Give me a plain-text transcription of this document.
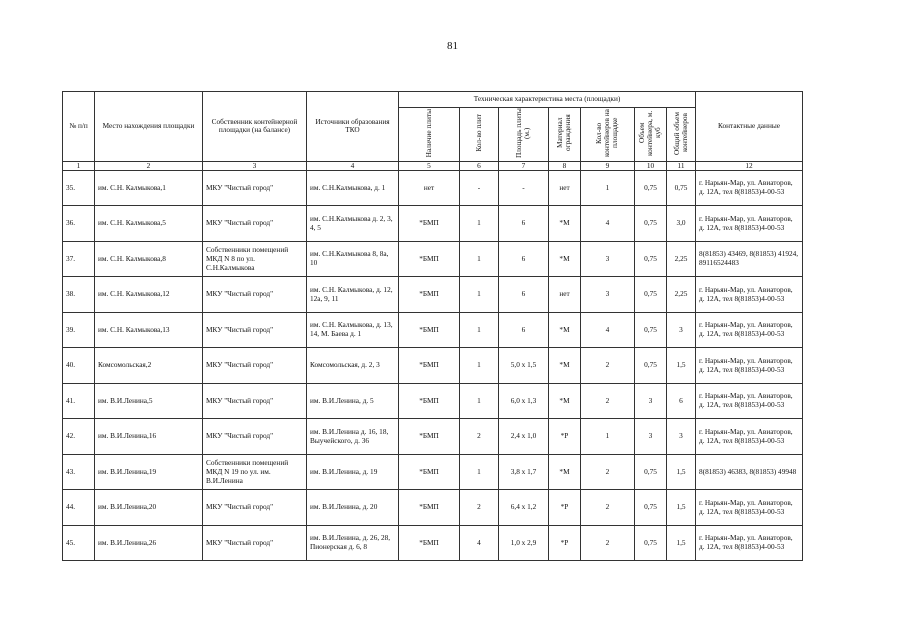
81
№ п/п	Место нахождения площадки	Собственник контейнерной площадки (на балансе)	Источники образования ТКО	Техническая характеристика места (площадки)							Контактные данные
				Наличие плиты	Кол-во плит	Площадь плиты (м.)	Материал ограждения	Кол-во контейнеров на площадке	Объем контейнера, м. куб	Общий объем контейнеров	
1	2	3	4	5	6	7	8	9	10	11	12
35.	им. С.Н. Калмыкова,1	МКУ "Чистый город"	им. С.Н.Калмыкова, д. 1	нет	-	-	нет	1	0,75	0,75	г. Нарьян-Мар, ул. Авиаторов, д. 12А, тел 8(81853)4-00-53
36.	им. С.Н. Калмыкова,5	МКУ "Чистый город"	им. С.Н.Калмыкова д. 2, 3, 4, 5	*БМП	1	6	*М	4	0,75	3,0	г. Нарьян-Мар, ул. Авиаторов, д. 12А, тел 8(81853)4-00-53
37.	им. С.Н. Калмыкова,8	Собственники помещений МКД N 8 по ул. С.Н.Калмыкова	им. С.Н.Калмыкова 8, 8а, 10	*БМП	1	6	*М	3	0,75	2,25	8(81853) 43469, 8(81853) 41924, 89116524483
38.	им. С.Н. Калмыкова,12	МКУ "Чистый город"	им. С.Н. Калмыкова, д. 12, 12а, 9, 11	*БМП	1	6	нет	3	0,75	2,25	г. Нарьян-Мар, ул. Авиаторов, д. 12А, тел 8(81853)4-00-53
39.	им. С.Н. Калмыкова,13	МКУ "Чистый город"	им. С.Н. Калмыкова, д. 13, 14, М. Баева д. 1	*БМП	1	6	*М	4	0,75	3	г. Нарьян-Мар, ул. Авиаторов, д. 12А, тел 8(81853)4-00-53
40.	Комсомольская,2	МКУ "Чистый город"	Комсомольская, д. 2, 3	*БМП	1	5,0 х 1,5	*М	2	0,75	1,5	г. Нарьян-Мар, ул. Авиаторов, д. 12А, тел 8(81853)4-00-53
41.	им. В.И.Ленина,5	МКУ "Чистый город"	им. В.И.Ленина, д. 5	*БМП	1	6,0 х 1,3	*М	2	3	6	г. Нарьян-Мар, ул. Авиаторов, д. 12А, тел 8(81853)4-00-53
42.	им. В.И.Ленина,16	МКУ "Чистый город"	им. В.И.Ленина д. 16, 18, Выучейского, д. 36	*БМП	2	2,4 х 1,0	*Р	1	3	3	г. Нарьян-Мар, ул. Авиаторов, д. 12А, тел 8(81853)4-00-53
43.	им. В.И.Ленина,19	Собственники помещений МКД N 19 по ул. им. В.И.Ленина	им. В.И.Ленина, д. 19	*БМП	1	3,8 х 1,7	*М	2	0,75	1,5	8(81853) 46383, 8(81853) 49948
44.	им. В.И.Ленина,20	МКУ "Чистый город"	им. В.И.Ленина, д. 20	*БМП	2	6,4 х 1,2	*Р	2	0,75	1,5	г. Нарьян-Мар, ул. Авиаторов, д. 12А, тел 8(81853)4-00-53
45.	им. В.И.Ленина,26	МКУ "Чистый город"	им. В.И.Ленина, д. 26, 28, Пионерская д. 6, 8	*БМП	4	1,0 х 2,9	*Р	2	0,75	1,5	г. Нарьян-Мар, ул. Авиаторов, д. 12А, тел 8(81853)4-00-53
